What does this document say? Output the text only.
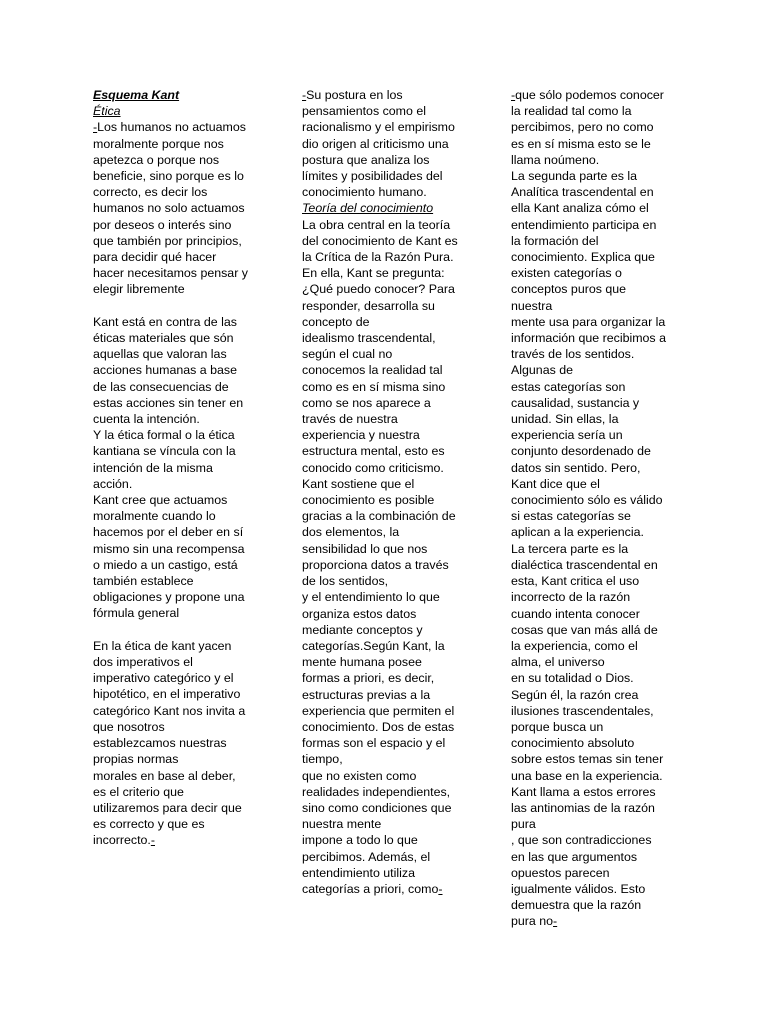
Esquema Kant
Ética
-Los humanos no actuamos
moralmente porque nos
apetezca o porque nos
beneficie, sino porque es lo
correcto, es decir los
humanos no solo actuamos
por deseos o interés sino
que también por principios,
para decidir qué hacer
hacer necesitamos pensar y
elegir libremente
Kant está en contra de las
éticas materiales que són
aquellas que valoran las
acciones humanas a base
de las consecuencias de
estas acciones sin tener en
cuenta la intención.
Y la ética formal o la ética
kantiana se víncula con la
intención de la misma
acción.
Kant cree que actuamos
moralmente cuando lo
hacemos por el deber en sí
mismo sin una recompensa
o miedo a un castigo, está
también establece
obligaciones y propone una
fórmula general
En la ética de kant yacen
dos imperativos el
imperativo categórico y el
hipotético, en el imperativo
categórico Kant nos invita a
que nosotros
establezcamos nuestras
propias normas
morales en base al deber,
es el criterio que
utilizaremos para decir que
es correcto y que es
incorrecto.-
-Su postura en los
pensamientos como el
racionalismo y el empirismo
dio origen al criticismo una
postura que analiza los
límites y posibilidades del
conocimiento humano.
Teoría del conocimiento
La obra central en la teoría
del conocimiento de Kant es
la Crítica de la Razón Pura.
En ella, Kant se pregunta:
¿Qué puedo conocer? Para
responder, desarrolla su
concepto de
idealismo trascendental,
según el cual no
conocemos la realidad tal
como es en sí misma sino
como se nos aparece a
través de nuestra
experiencia y nuestra
estructura mental, esto es
conocido como criticismo.
Kant sostiene que el
conocimiento es posible
gracias a la combinación de
dos elementos, la
sensibilidad lo que nos
proporciona datos a través
de los sentidos,
y el entendimiento lo que
organiza estos datos
mediante conceptos y
categorías.Según Kant, la
mente humana posee
formas a priori, es decir,
estructuras previas a la
experiencia que permiten el
conocimiento. Dos de estas
formas son el espacio y el
tiempo,
que no existen como
realidades independientes,
sino como condiciones que
nuestra mente
impone a todo lo que
percibimos. Además, el
entendimiento utiliza
categorías a priori, como-
-que sólo podemos conocer
la realidad tal como la
percibimos, pero no como
es en sí misma esto se le
llama noúmeno.
La segunda parte es la
Analítica trascendental en
ella Kant analiza cómo el
entendimiento participa en
la formación del
conocimiento. Explica que
existen categorías o
conceptos puros que
nuestra
mente usa para organizar la
información que recibimos a
través de los sentidos.
Algunas de
estas categorías son
causalidad, sustancia y
unidad. Sin ellas, la
experiencia sería un
conjunto desordenado de
datos sin sentido. Pero,
Kant dice que el
conocimiento sólo es válido
si estas categorías se
aplican a la experiencia.
La tercera parte es la
dialéctica trascendental en
esta, Kant critica el uso
incorrecto de la razón
cuando intenta conocer
cosas que van más allá de
la experiencia, como el
alma, el universo
en su totalidad o Dios.
Según él, la razón crea
ilusiones trascendentales,
porque busca un
conocimiento absoluto
sobre estos temas sin tener
una base en la experiencia.
Kant llama a estos errores
las antinomias de la razón
pura
, que son contradicciones
en las que argumentos
opuestos parecen
igualmente válidos. Esto
demuestra que la razón
pura no-
